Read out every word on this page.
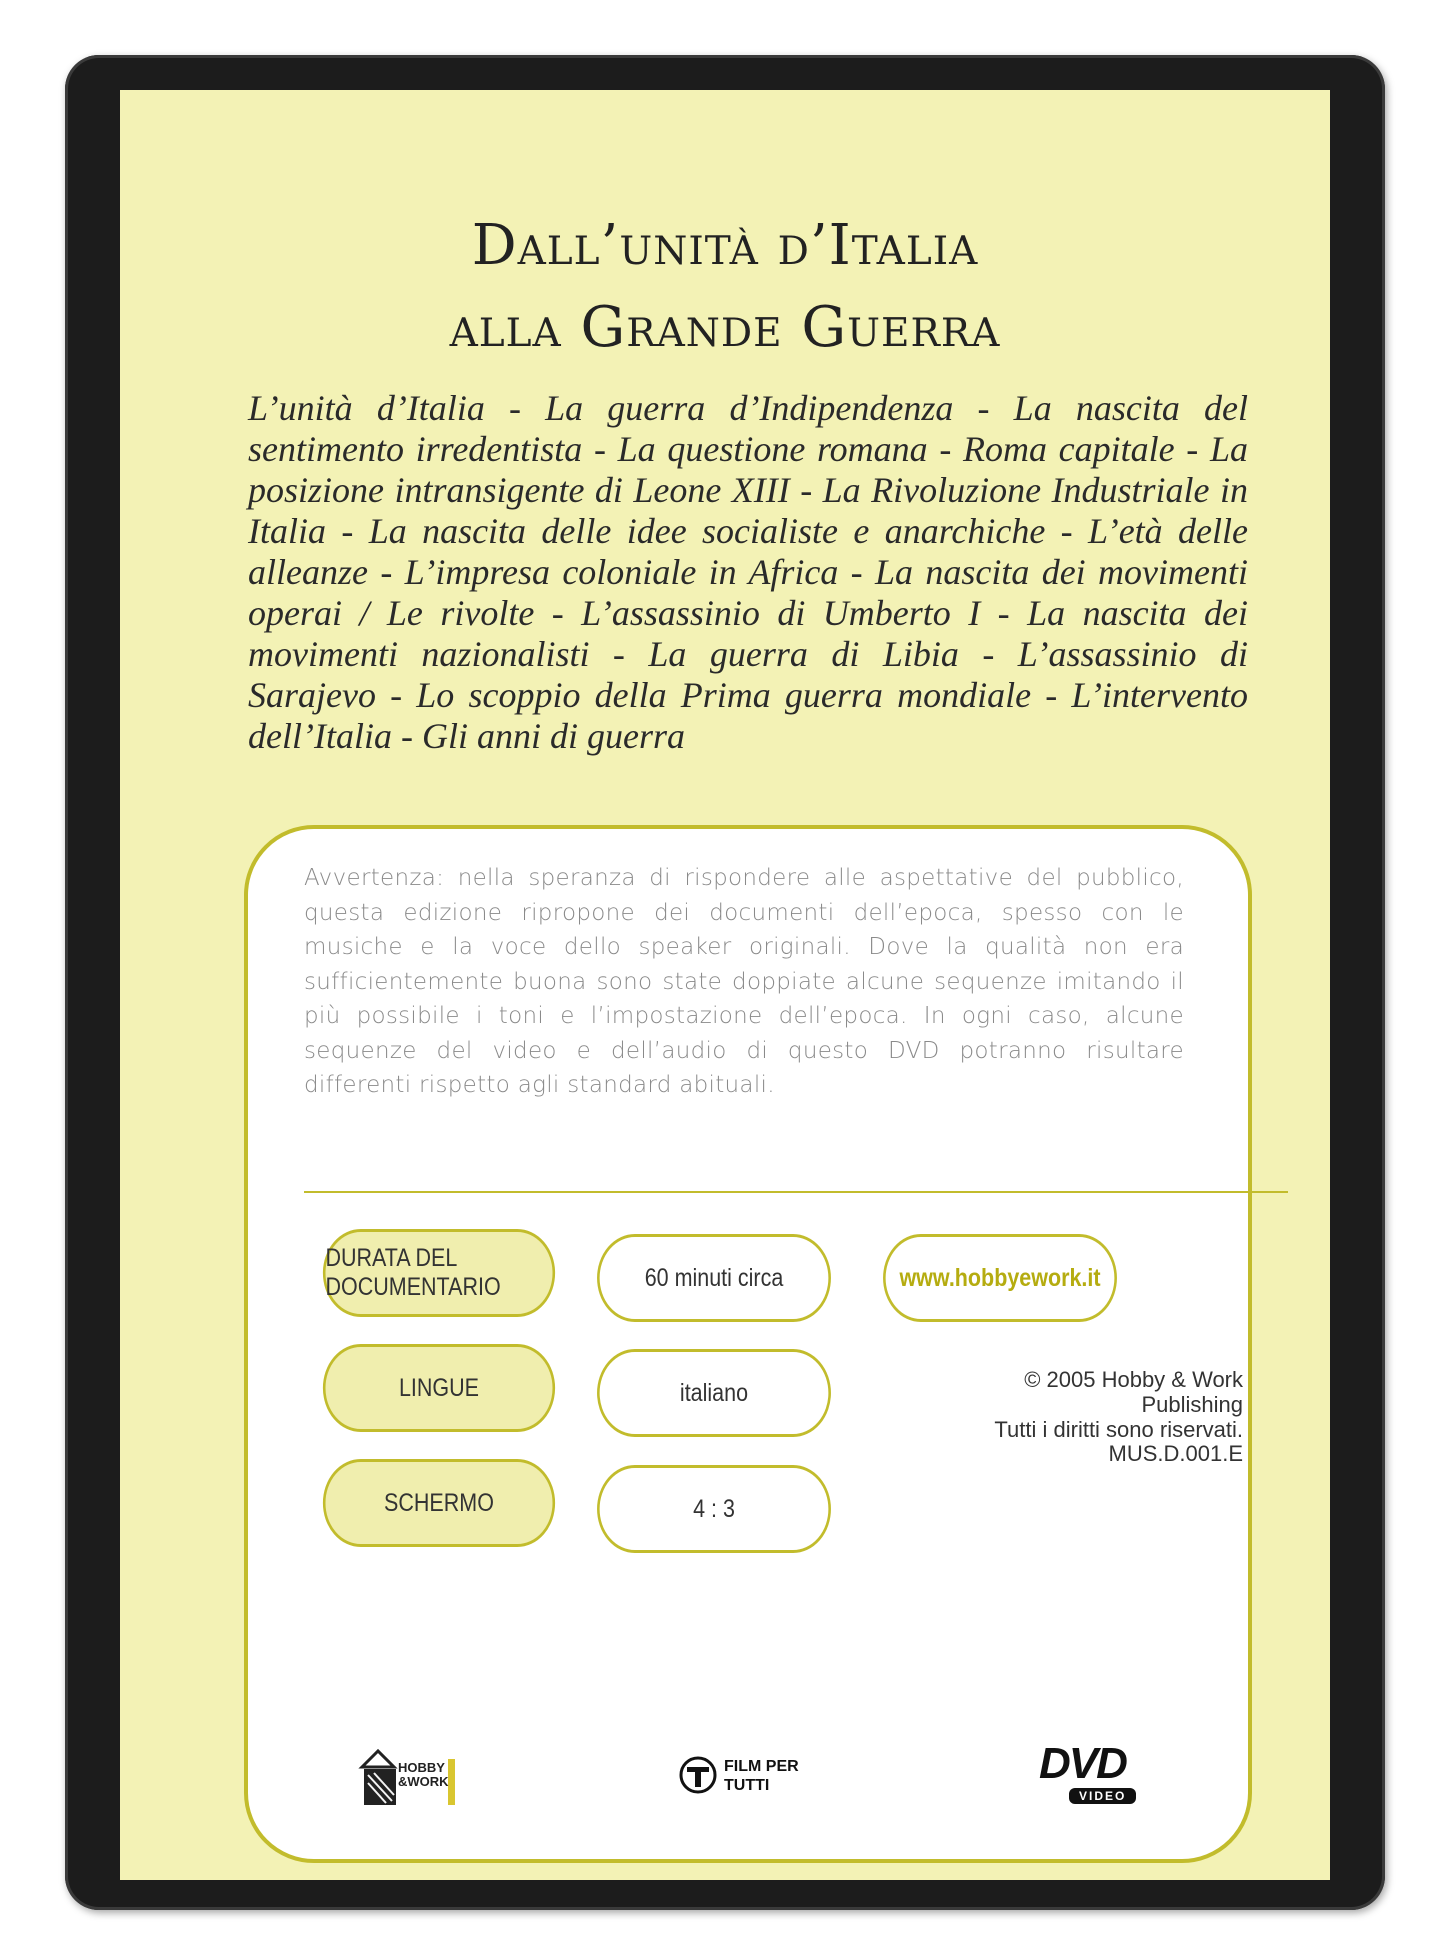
Dall’unità d’Italia
alla Grande Guerra
L’unità d’Italia - La guerra d’Indipendenza - La nascita del sentimento irredentista - La questione romana - Roma capitale - La posizione intransigente di Leone XIII - La Rivoluzione Industriale in Italia - La nascita delle idee socialiste e anarchiche - L’età delle alleanze - L’impresa coloniale in Africa - La nascita dei movimenti operai / Le rivolte - L’assassinio di Umberto I - La nascita dei movimenti nazionalisti - La guerra di Libia - L’assassinio di Sarajevo - Lo scoppio della Prima guerra mondiale - L’intervento dell’Italia - Gli anni di guerra
Avvertenza: nella speranza di rispondere alle aspettative del pubblico, questa edizione ripropone dei documenti dell’epoca, spesso con le musiche e la voce dello speaker originali. Dove la qualità non era sufficientemente buona sono state doppiate alcune sequenze imitando il più possibile i toni e l’impostazione dell’epoca. In ogni caso, alcune sequenze del video e dell’audio di questo DVD potranno risultare differenti rispetto agli standard abituali.
DURATA DEL DOCUMENTARIO	60 minuti circa	www.hobbyework.it
LINGUE	italiano
SCHERMO	4 : 3
© 2005 Hobby & Work Publishing
Tutti i diritti sono riservati.
MUS.D.001.E
HOBBY
&WORK
FILM PER
TUTTI	DVD
VIDEO
